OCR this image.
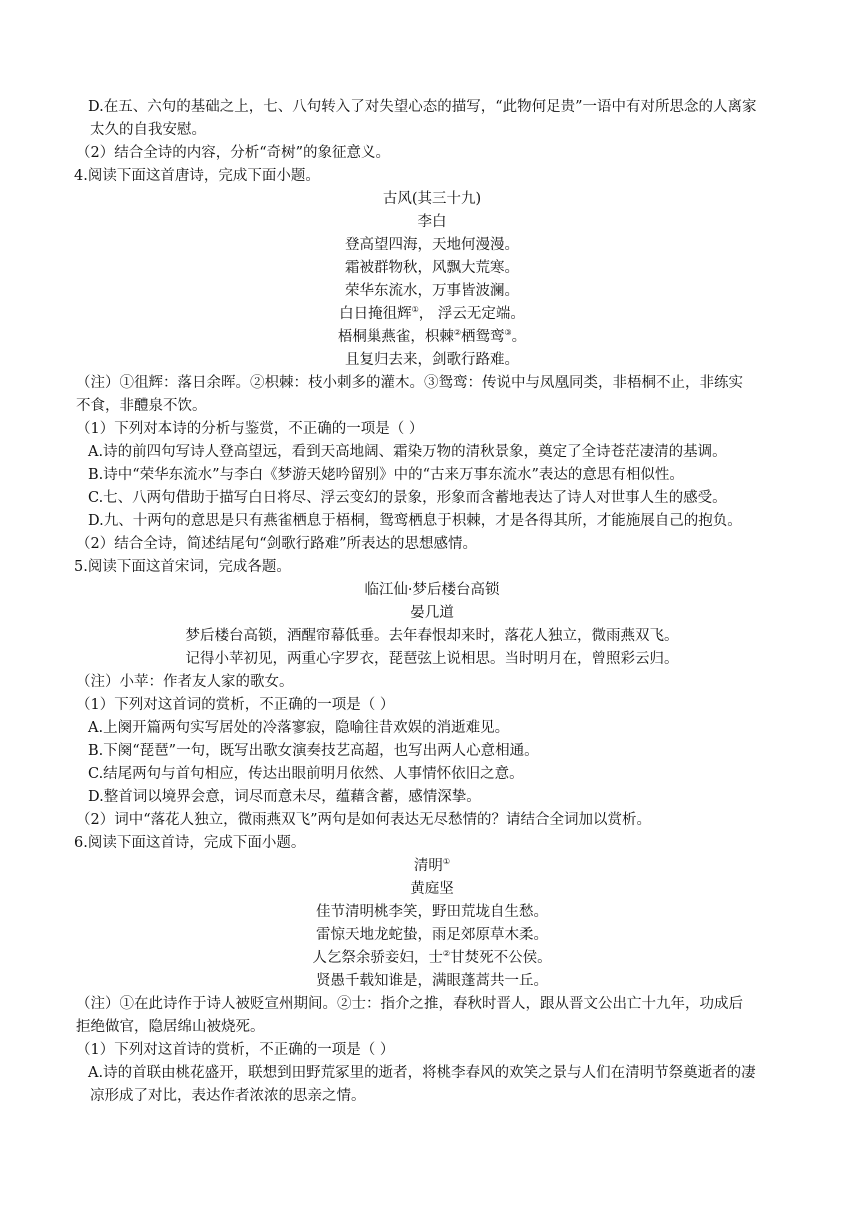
D.在五、六句的基础之上，七、八句转入了对失望心态的描写，“此物何足贵”一语中有对所思念的人离家
太久的自我安慰。
（2）结合全诗的内容，分析“奇树”的象征意义。
4.阅读下面这首唐诗，完成下面小题。
古风(其三十九)
李白
登高望四海，天地何漫漫。
霜被群物秋，风飘大荒寒。
荣华东流水，万事皆波澜。
白日掩徂辉①， 浮云无定端。
梧桐巢燕雀，枳棘②栖鸳鸾③。
且复归去来，剑歌行路难。
（注）①徂辉：落日余晖。②枳棘：枝小刺多的灌木。③鸳鸾：传说中与凤凰同类，非梧桐不止，非练实
不食，非醴泉不饮。
（1）下列对本诗的分析与鉴赏，不正确的一项是（ ）
A.诗的前四句写诗人登高望远，看到天高地阔、霜染万物的清秋景象，奠定了全诗苍茫凄清的基调。
B.诗中“荣华东流水”与李白《梦游天姥吟留别》中的“古来万事东流水”表达的意思有相似性。
C.七、八两句借助于描写白日将尽、浮云变幻的景象，形象而含蓄地表达了诗人对世事人生的感受。
D.九、十两句的意思是只有燕雀栖息于梧桐，鸳鸾栖息于枳棘，才是各得其所，才能施展自己的抱负。
（2）结合全诗，简述结尾句“剑歌行路难”所表达的思想感情。
5.阅读下面这首宋词，完成各题。
临江仙·梦后楼台高锁
晏几道
梦后楼台高锁，酒醒帘幕低垂。去年春恨却来时，落花人独立，微雨燕双飞。
记得小苹初见，两重心字罗衣，琵琶弦上说相思。当时明月在，曾照彩云归。
（注）小苹：作者友人家的歌女。
（1）下列对这首词的赏析，不正确的一项是（ ）
A.上阕开篇两句实写居处的冷落寥寂，隐喻往昔欢娱的消逝难见。
B.下阕“琵琶”一句，既写出歌女演奏技艺高超，也写出两人心意相通。
C.结尾两句与首句相应，传达出眼前明月依然、人事情怀依旧之意。
D.整首词以境界会意，词尽而意未尽，蕴藉含蓄，感情深挚。
（2）词中“落花人独立，微雨燕双飞”两句是如何表达无尽愁情的？请结合全词加以赏析。
6.阅读下面这首诗，完成下面小题。
清明①
黄庭坚
佳节清明桃李笑，野田荒垅自生愁。
雷惊天地龙蛇蛰，雨足郊原草木柔。
人乞祭余骄妾妇，士②甘焚死不公侯。
贤愚千载知谁是，满眼蓬蒿共一丘。
（注）①在此诗作于诗人被贬宣州期间。②士：指介之推，春秋时晋人，跟从晋文公出亡十九年，功成后
拒绝做官，隐居绵山被烧死。
（1）下列对这首诗的赏析，不正确的一项是（ ）
A.诗的首联由桃花盛开，联想到田野荒冢里的逝者，将桃李春风的欢笑之景与人们在清明节祭奠逝者的凄
凉形成了对比，表达作者浓浓的思亲之情。
